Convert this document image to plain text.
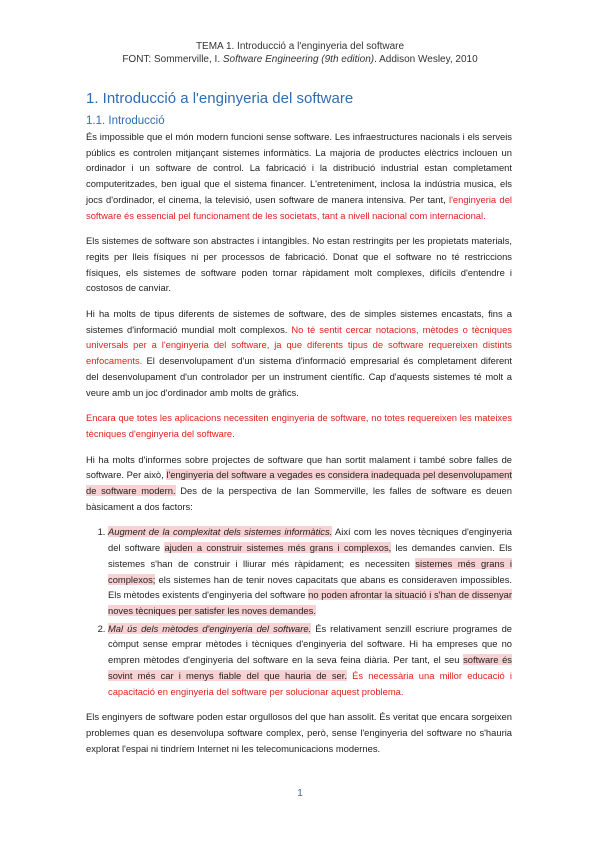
TEMA 1. Introducció a l'enginyeria del software
FONT: Sommerville, I. Software Engineering (9th edition). Addison Wesley, 2010
1. Introducció a l'enginyeria del software
1.1. Introducció

És impossible que el món modern funcioni sense software. Les infraestructures nacionals i els serveis públics es controlen mitjançant sistemes informàtics. La majoria de productes elèctrics inclouen un ordinador i un software de control. La fabricació i la distribució industrial estan completament computeritzades, ben igual que el sistema financer. L'entreteniment, inclosa la indústria musica, els jocs d'ordinador, el cinema, la televisió, usen software de manera intensiva. Per tant, l'enginyeria del software és essencial pel funcionament de les societats, tant a nivell nacional com internacional.

Els sistemes de software son abstractes i intangibles. No estan restringits per les propietats materials, regits per lleis físiques ni per processos de fabricació. Donat que el software no té restriccions físiques, els sistemes de software poden tornar ràpidament molt complexes, difícils d'entendre i costosos de canviar.

Hi ha molts de tipus diferents de sistemes de software, des de simples sistemes encastats, fins a sistemes d'informació mundial molt complexos. No té sentit cercar notacions, mètodes o tècniques universals per a l'enginyeria del software, ja que diferents tipus de software requereixen distints enfocaments. El desenvolupament d'un sistema d'informació empresarial és completament diferent del desenvolupament d'un controlador per un instrument científic. Cap d'aquests sistemes té molt a veure amb un joc d'ordinador amb molts de gràfics.

Encara que totes les aplicacions necessiten enginyeria de software, no totes requereixen les mateixes tècniques d'enginyeria del software.

Hi ha molts d'informes sobre projectes de software que han sortit malament i també sobre falles de software. Per això, l'enginyeria del software a vegades es considera inadequada pel desenvolupament de software modern. Des de la perspectiva de Ian Sommerville, les falles de software es deuen bàsicament a dos factors:

1. Augment de la complexitat dels sistemes informàtics. Així com les noves tècniques d'enginyeria del software ajuden a construir sistemes més grans i complexos, les demandes canvien. Els sistemes s'han de construir i lliurar més ràpidament; es necessiten sistemes més grans i complexos; els sistemes han de tenir noves capacitats que abans es consideraven impossibles. Els mètodes existents d'enginyeria del software no poden afrontar la situació i s'han de dissenyar noves tècniques per satisfer les noves demandes.
2. Mal ús dels mètodes d'enginyeria del software. És relativament senzill escriure programes de còmput sense emprar mètodes i tècniques d'enginyeria del software. Hi ha empreses que no empren mètodes d'enginyeria del software en la seva feina diària. Per tant, el seu software és sovint més car i menys fiable del que hauria de ser. És necessària una millor educació i capacitació en enginyeria del software per solucionar aquest problema.

Els enginyers de software poden estar orgullosos del que han assolit. És veritat que encara sorgeixen problemes quan es desenvolupa software complex, però, sense l'enginyeria del software no s'hauria explorat l'espai ni tindríem Internet ni les telecomunicacions modernes.

1
